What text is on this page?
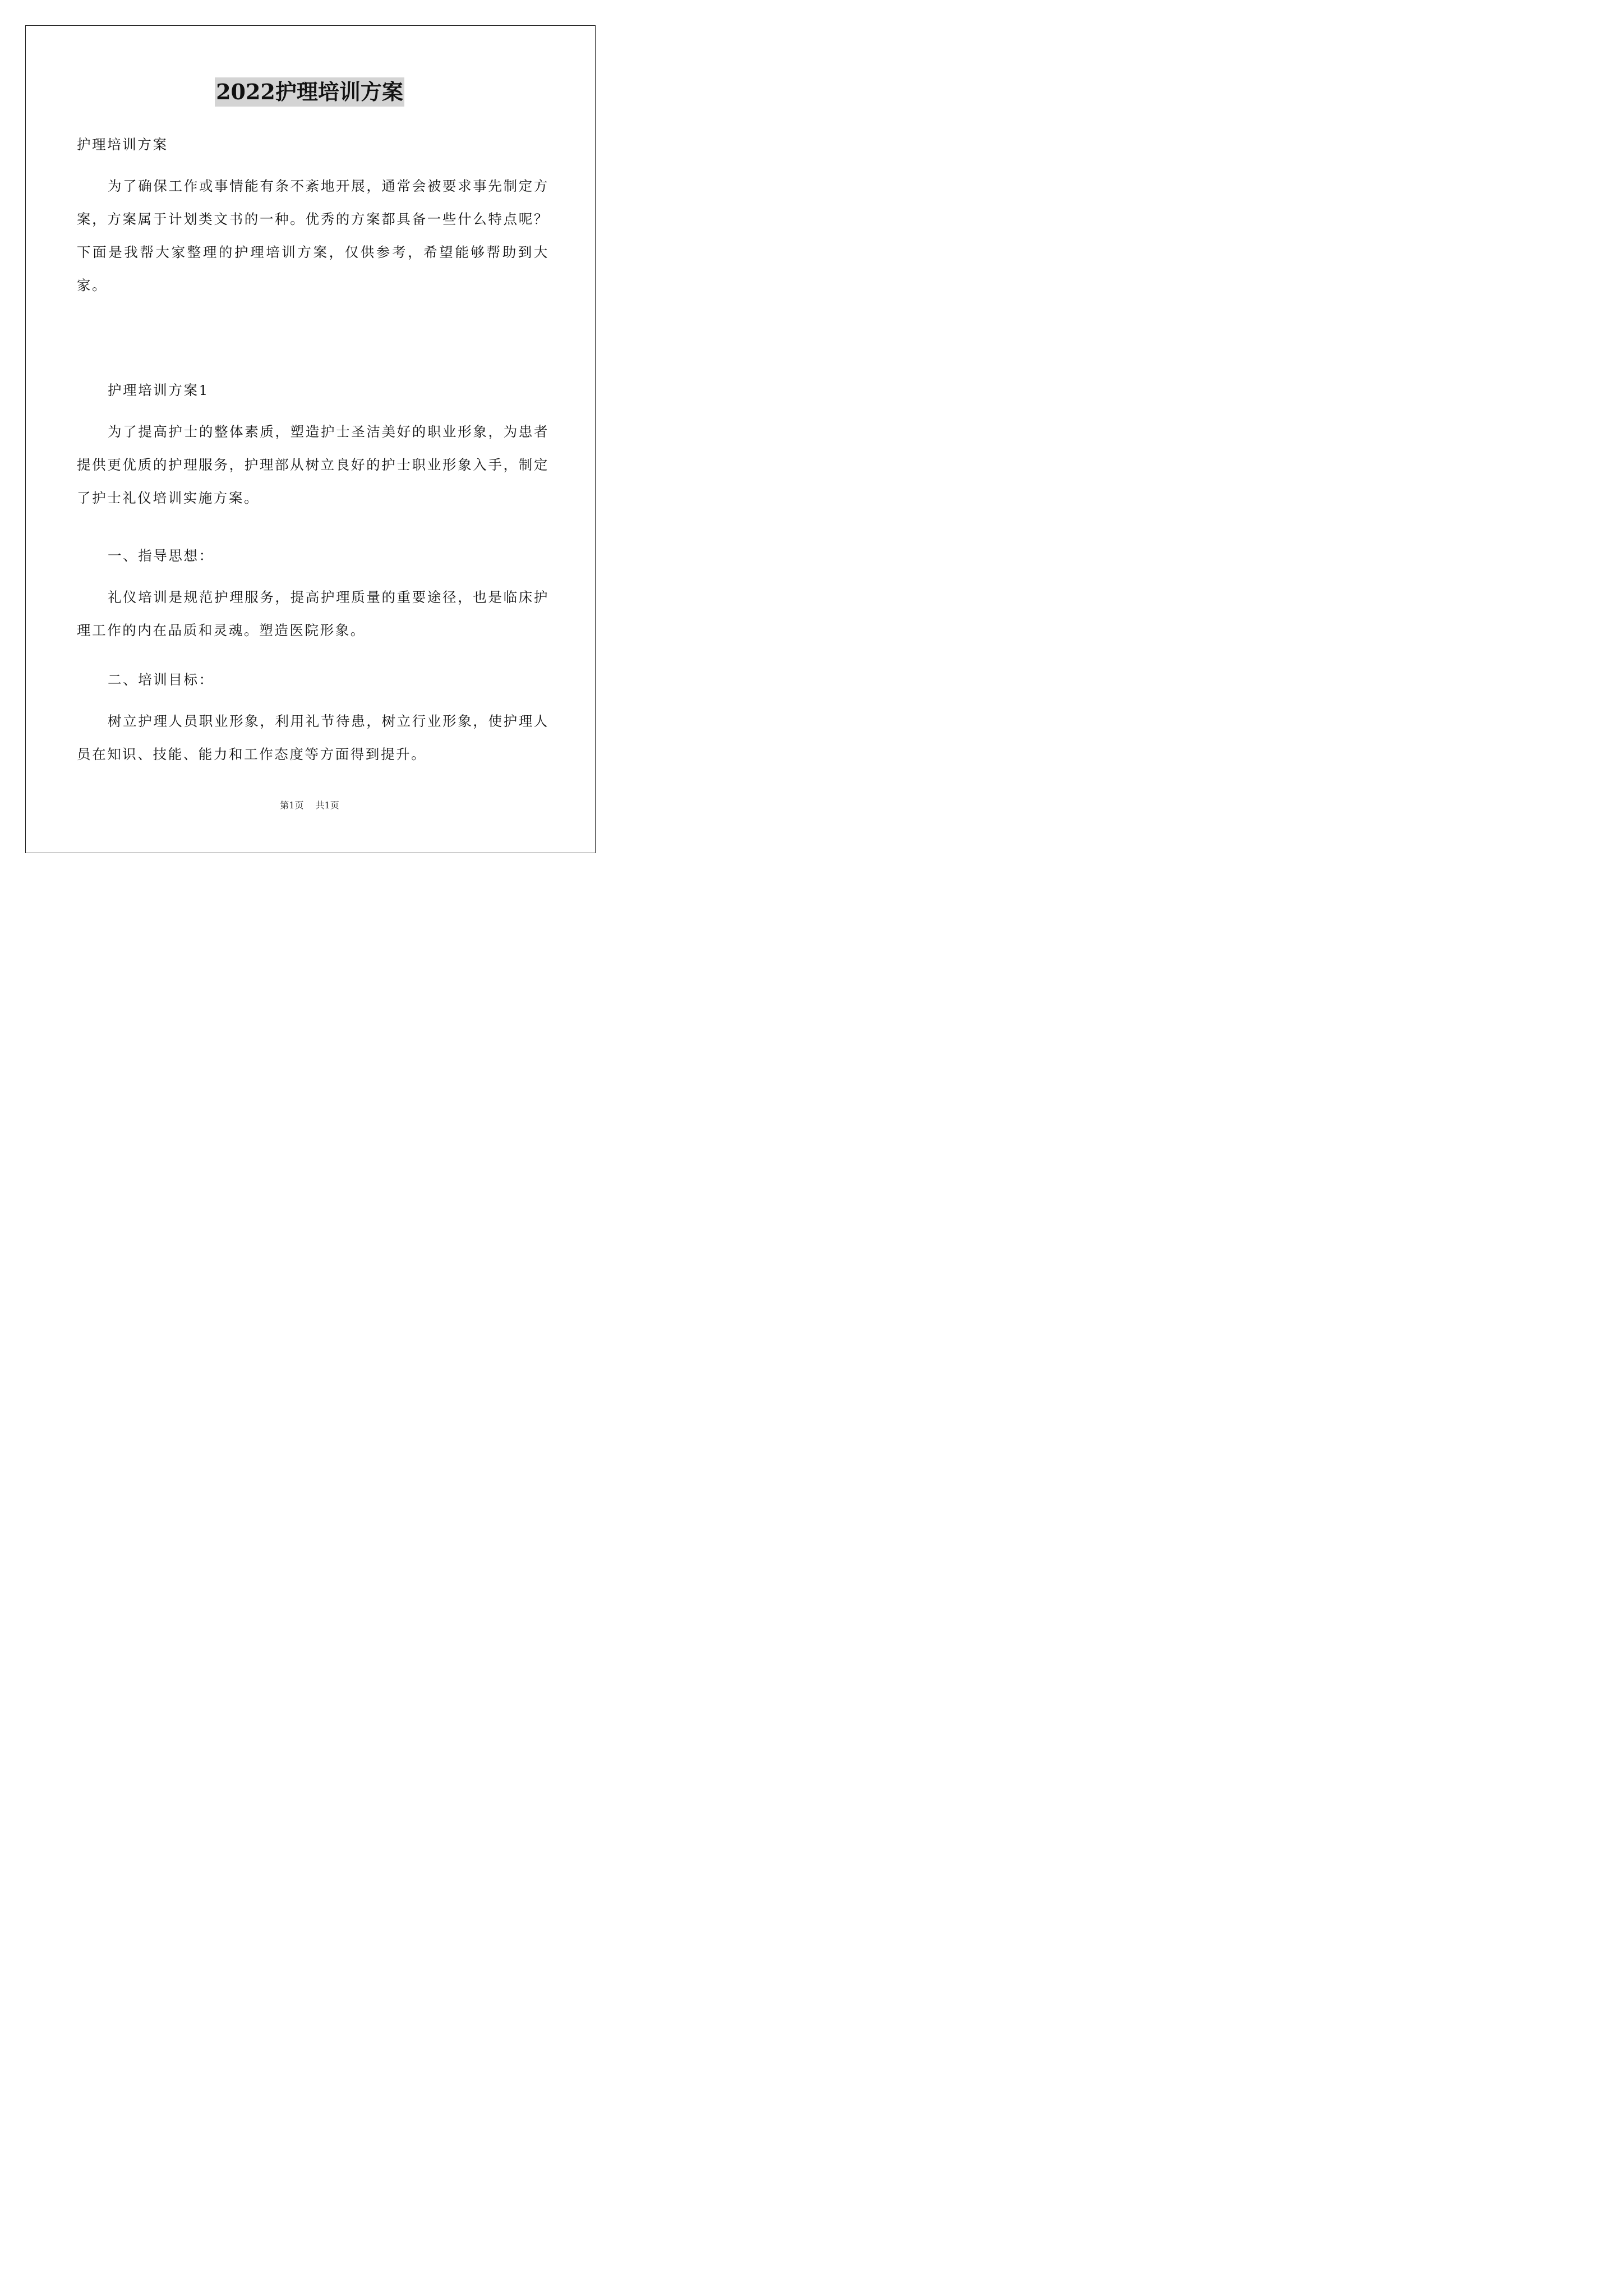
2022护理培训方案

护理培训方案

为了确保工作或事情能有条不紊地开展，通常会被要求事先制定方案，方案属于计划类文书的一种。优秀的方案都具备一些什么特点呢？下面是我帮大家整理的护理培训方案，仅供参考，希望能够帮助到大家。

护理培训方案1

为了提高护士的整体素质，塑造护士圣洁美好的职业形象，为患者提供更优质的护理服务，护理部从树立良好的护士职业形象入手，制定了护士礼仪培训实施方案。

一、指导思想：

礼仪培训是规范护理服务，提高护理质量的重要途径，也是临床护理工作的内在品质和灵魂。塑造医院形象。

二、培训目标：

树立护理人员职业形象，利用礼节待患，树立行业形象，使护理人员在知识、技能、能力和工作态度等方面得到提升。

第1页 共1页
